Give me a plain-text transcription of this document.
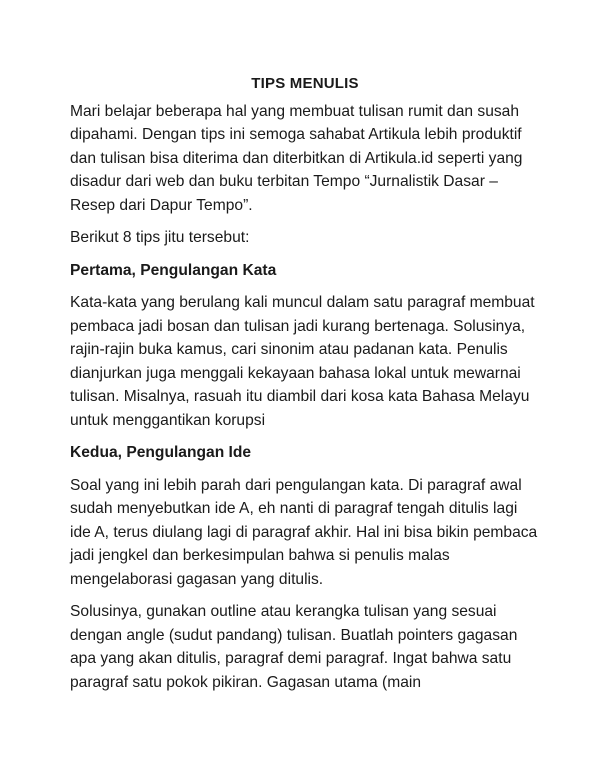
TIPS MENULIS

Mari belajar beberapa hal yang membuat tulisan rumit dan susah dipahami. Dengan tips ini semoga sahabat Artikula lebih produktif dan tulisan bisa diterima dan diterbitkan di Artikula.id seperti yang disadur dari web dan buku terbitan Tempo “Jurnalistik Dasar – Resep dari Dapur Tempo”.

Berikut 8 tips jitu tersebut:

Pertama, Pengulangan Kata

Kata-kata yang berulang kali muncul dalam satu paragraf membuat pembaca jadi bosan dan tulisan jadi kurang bertenaga. Solusinya, rajin-rajin buka kamus, cari sinonim atau padanan kata. Penulis dianjurkan juga menggali kekayaan bahasa lokal untuk mewarnai tulisan. Misalnya, rasuah itu diambil dari kosa kata Bahasa Melayu untuk menggantikan korupsi

Kedua, Pengulangan Ide

Soal yang ini lebih parah dari pengulangan kata. Di paragraf awal sudah menyebutkan ide A, eh nanti di paragraf tengah ditulis lagi ide A, terus diulang lagi di paragraf akhir. Hal ini bisa bikin pembaca jadi jengkel dan berkesimpulan bahwa si penulis malas mengelaborasi gagasan yang ditulis.

Solusinya, gunakan outline atau kerangka tulisan yang sesuai dengan angle (sudut pandang) tulisan. Buatlah pointers gagasan apa yang akan ditulis, paragraf demi paragraf. Ingat bahwa satu paragraf satu pokok pikiran. Gagasan utama (main
